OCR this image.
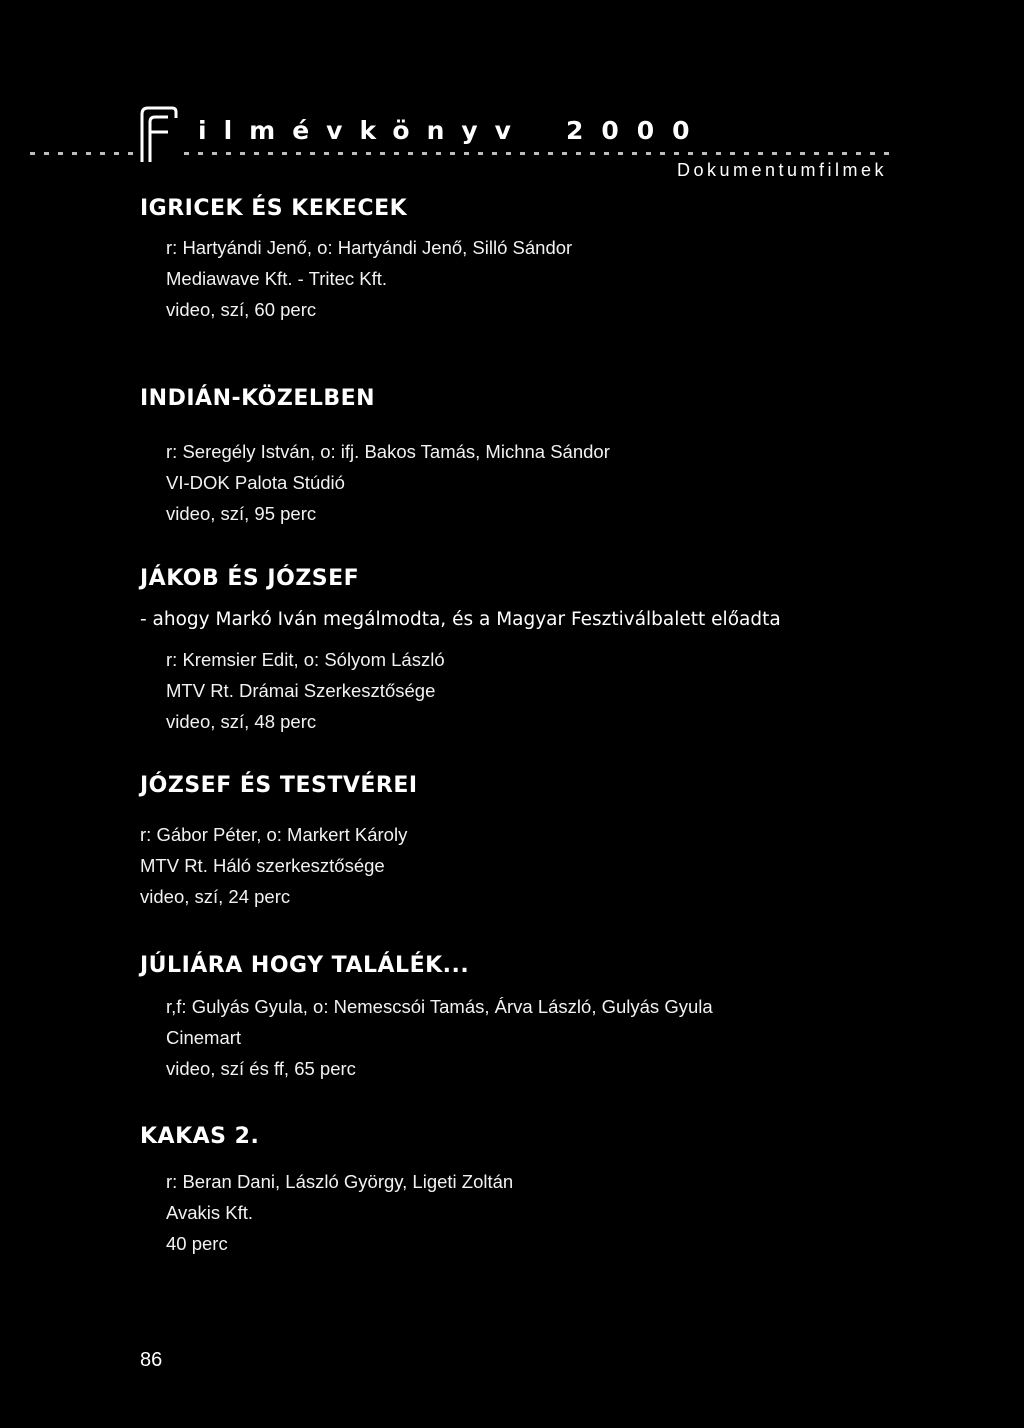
ilmévkönyv 2000
Dokumentumfilmek
IGRICEK ÉS KEKECEK
r: Hartyándi Jenő, o: Hartyándi Jenő, Silló Sándor
Mediawave Kft. - Tritec Kft.
video, szí, 60 perc
INDIÁN-KÖZELBEN
r: Seregély István, o: ifj. Bakos Tamás, Michna Sándor
VI-DOK Palota Stúdió
video, szí, 95 perc
JÁKOB ÉS JÓZSEF
- ahogy Markó Iván megálmodta, és a Magyar Fesztiválbalett előadta
r: Kremsier Edit, o: Sólyom László
MTV Rt. Drámai Szerkesztősége
video, szí, 48 perc
JÓZSEF ÉS TESTVÉREI
r: Gábor Péter, o: Markert Károly
MTV Rt. Háló szerkesztősége
video, szí, 24 perc
JÚLIÁRA HOGY TALÁLÉK...
r,f: Gulyás Gyula, o: Nemescsói Tamás, Árva László, Gulyás Gyula
Cinemart
video, szí és ff, 65 perc
KAKAS 2.
r: Beran Dani, László György, Ligeti Zoltán
Avakis Kft.
40 perc
86
